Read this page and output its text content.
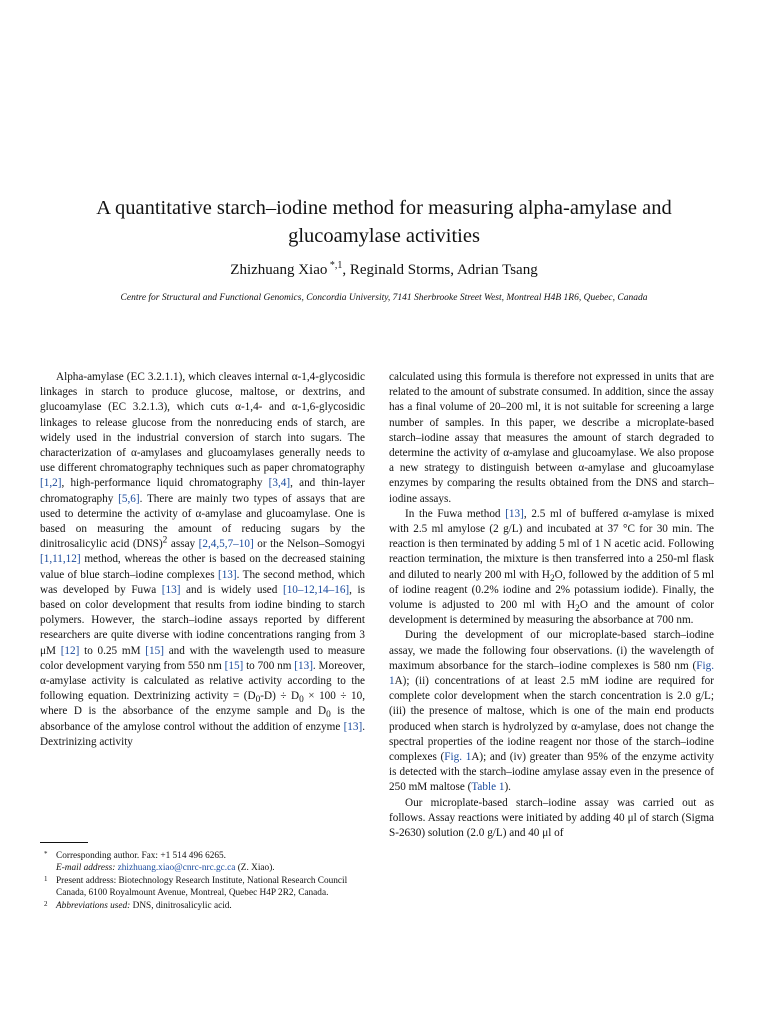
A quantitative starch–iodine method for measuring alpha-amylase and glucoamylase activities
Zhizhuang Xiao $^{*,1}$, Reginald Storms, Adrian Tsang
Centre for Structural and Functional Genomics, Concordia University, 7141 Sherbrooke Street West, Montreal H4B 1R6, Quebec, Canada

Alpha-amylase (EC 3.2.1.1), which cleaves internal α-1,4-glycosidic linkages in starch to produce glucose, maltose, or dextrins, and glucoamylase (EC 3.2.1.3), which cuts α-1,4- and α-1,6-glycosidic linkages to release glucose from the nonreducing ends of starch, are widely used in the industrial conversion of starch into sugars. The characterization of α-amylases and glucoamylases generally needs to use different chromatography techniques such as paper chromatography [1,2], high-performance liquid chromatography [3,4], and thin-layer chromatography [5,6]. There are mainly two types of assays that are used to determine the activity of α-amylase and glucoamylase. One is based on measuring the amount of reducing sugars by the dinitrosalicylic acid (DNS)$^2$ assay [2,4,5,7–10] or the Nelson–Somogyi [1,11,12] method, whereas the other is based on the decreased staining value of blue starch–iodine complexes [13]. The second method, which was developed by Fuwa [13] and is widely used [10–12,14–16], is based on color development that results from iodine binding to starch polymers. However, the starch–iodine assays reported by different researchers are quite diverse with iodine concentrations ranging from 3 μM [12] to 0.25 mM [15] and with the wavelength used to measure color development varying from 550 nm [15] to 700 nm [13]. Moreover, α-amylase activity is calculated as relative activity according to the following equation. Dextrinizing activity = $(D_0-D) \div D_0 \times 100 \div 10$, where D is the absorbance of the enzyme sample and $D_0$ is the absorbance of the amylose control without the addition of enzyme [13]. Dextrinizing activity

calculated using this formula is therefore not expressed in units that are related to the amount of substrate consumed. In addition, since the assay has a final volume of 20–200 ml, it is not suitable for screening a large number of samples. In this paper, we describe a microplate-based starch–iodine assay that measures the amount of starch degraded to determine the activity of α-amylase and glucoamylase. We also propose a new strategy to distinguish between α-amylase and glucoamylase enzymes by comparing the results obtained from the DNS and starch–iodine assays.

In the Fuwa method [13], 2.5 ml of buffered α-amylase is mixed with 2.5 ml amylose (2 g/L) and incubated at 37 °C for 30 min. The reaction is then terminated by adding 5 ml of 1 N acetic acid. Following reaction termination, the mixture is then transferred into a 250-ml flask and diluted to nearly 200 ml with $H_2O$, followed by the addition of 5 ml of iodine reagent (0.2% iodine and 2% potassium iodide). Finally, the volume is adjusted to 200 ml with $H_2O$ and the amount of color development is determined by measuring the absorbance at 700 nm.

During the development of our microplate-based starch–iodine assay, we made the following four observations. (i) the wavelength of maximum absorbance for the starch–iodine complexes is 580 nm (Fig. 1A); (ii) concentrations of at least 2.5 mM iodine are required for complete color development when the starch concentration is 2.0 g/L; (iii) the presence of maltose, which is one of the main end products produced when starch is hydrolyzed by α-amylase, does not change the spectral properties of the iodine reagent nor those of the starch–iodine complexes (Fig. 1A); and (iv) greater than 95% of the enzyme activity is detected with the starch–iodine amylase assay even in the presence of 250 mM maltose (Table 1).

Our microplate-based starch–iodine assay was carried out as follows. Assay reactions were initiated by adding 40 μl of starch (Sigma S-2630) solution (2.0 g/L) and 40 μl of

* Corresponding author. Fax: +1 514 496 6265.
E-mail address: zhizhuang.xiao@cnrc-nrc.gc.ca (Z. Xiao).
1 Present address: Biotechnology Research Institute, National Research Council Canada, 6100 Royalmount Avenue, Montreal, Quebec H4P 2R2, Canada.
2 Abbreviations used: DNS, dinitrosalicylic acid.
